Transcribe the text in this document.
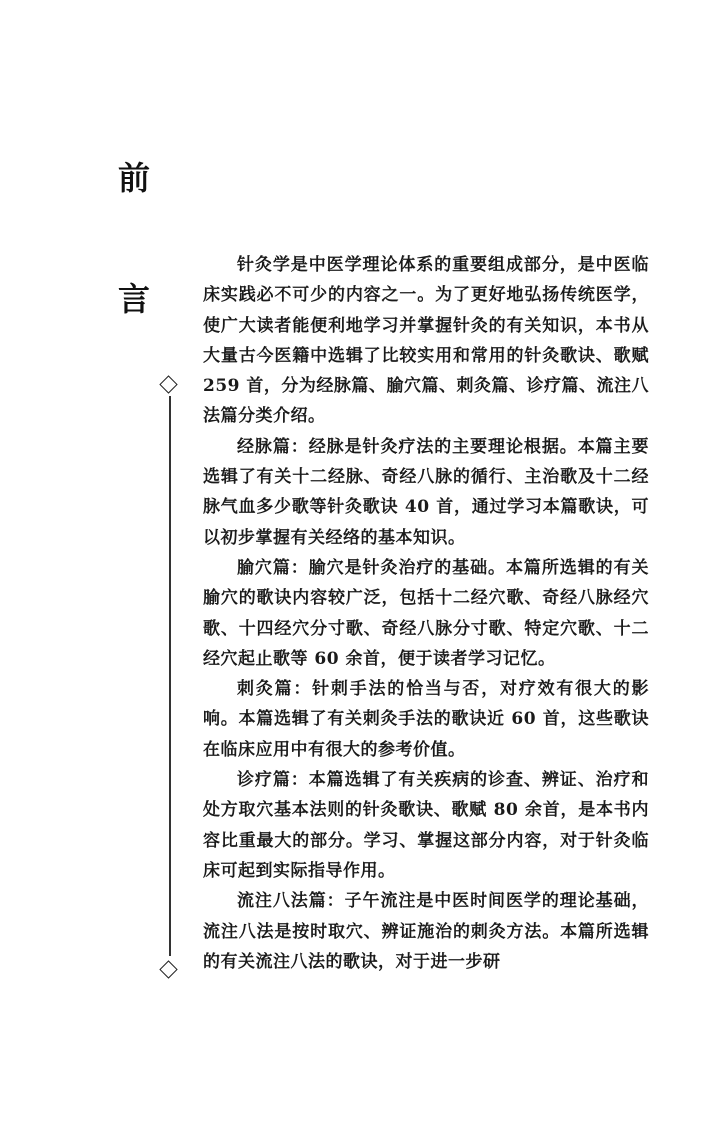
前
言

针灸学是中医学理论体系的重要组成部分，是中医临床实践必不可少的内容之一。为了更好地弘扬传统医学，使广大读者能便利地学习并掌握针灸的有关知识，本书从大量古今医籍中选辑了比较实用和常用的针灸歌诀、歌赋 259 首，分为经脉篇、腧穴篇、刺灸篇、诊疗篇、流注八法篇分类介绍。

经脉篇：经脉是针灸疗法的主要理论根据。本篇主要选辑了有关十二经脉、奇经八脉的循行、主治歌及十二经脉气血多少歌等针灸歌诀 40 首，通过学习本篇歌诀，可以初步掌握有关经络的基本知识。

腧穴篇：腧穴是针灸治疗的基础。本篇所选辑的有关腧穴的歌诀内容较广泛，包括十二经穴歌、奇经八脉经穴歌、十四经穴分寸歌、奇经八脉分寸歌、特定穴歌、十二经穴起止歌等 60 余首，便于读者学习记忆。

刺灸篇：针刺手法的恰当与否，对疗效有很大的影响。本篇选辑了有关刺灸手法的歌诀近 60 首，这些歌诀在临床应用中有很大的参考价值。

诊疗篇：本篇选辑了有关疾病的诊查、辨证、治疗和处方取穴基本法则的针灸歌诀、歌赋 80 余首，是本书内容比重最大的部分。学习、掌握这部分内容，对于针灸临床可起到实际指导作用。

流注八法篇：子午流注是中医时间医学的理论基础，流注八法是按时取穴、辨证施治的刺灸方法。本篇所选辑的有关流注八法的歌诀，对于进一步研
